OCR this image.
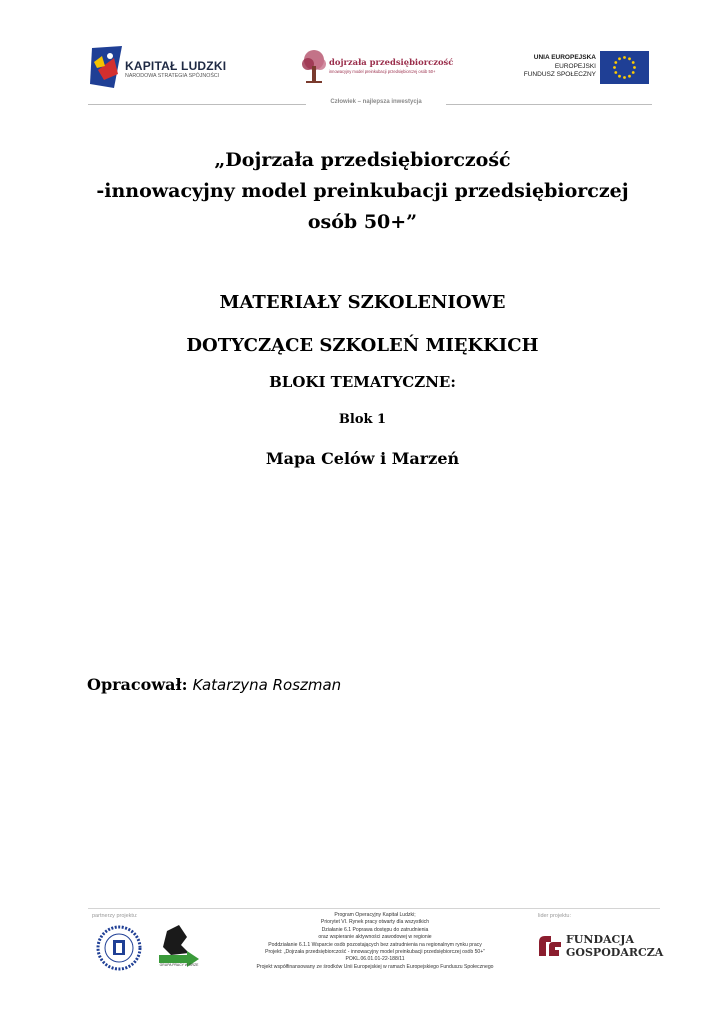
KAPITAŁ LUDZKI
NARODOWA STRATEGIA SPÓJNOŚCI
dojrzała przedsiębiorczość
innowacyjny model preinkubacji przedsiębiorczej osób 50+
UNIA EUROPEJSKA
EUROPEJSKI
FUNDUSZ SPOŁECZNY
Człowiek – najlepsza inwestycja
„Dojrzała przedsiębiorczość
-innowacyjny model preinkubacji przedsiębiorczej
osób 50+”
MATERIAŁY SZKOLENIOWE
DOTYCZĄCE SZKOLEŃ MIĘKKICH
BLOKI TEMATYCZNE:
Blok 1
Mapa Celów i Marzeń
Opracował: Katarzyna Roszman
partnerzy projektu:	lider projektu:
GRUPA PRACY W GRZE
Program Operacyjny Kapitał Ludzki;
Priorytet VI. Rynek pracy otwarty dla wszystkich
Działanie 6.1 Poprawa dostępu do zatrudnienia
oraz wspieranie aktywności zawodowej w regionie
Poddziałanie 6.1.1 Wsparcie osób pozostających bez zatrudnienia na regionalnym rynku pracy
Projekt: „Dojrzała przedsiębiorczość - innowacyjny model preinkubacji przedsiębiorczej osób 50+”
POKL.06.01.01-22-188/11
Projekt współfinansowany ze środków Unii Europejskiej w ramach Europejskiego Funduszu Społecznego
FUNDACJA
GOSPODARCZA
